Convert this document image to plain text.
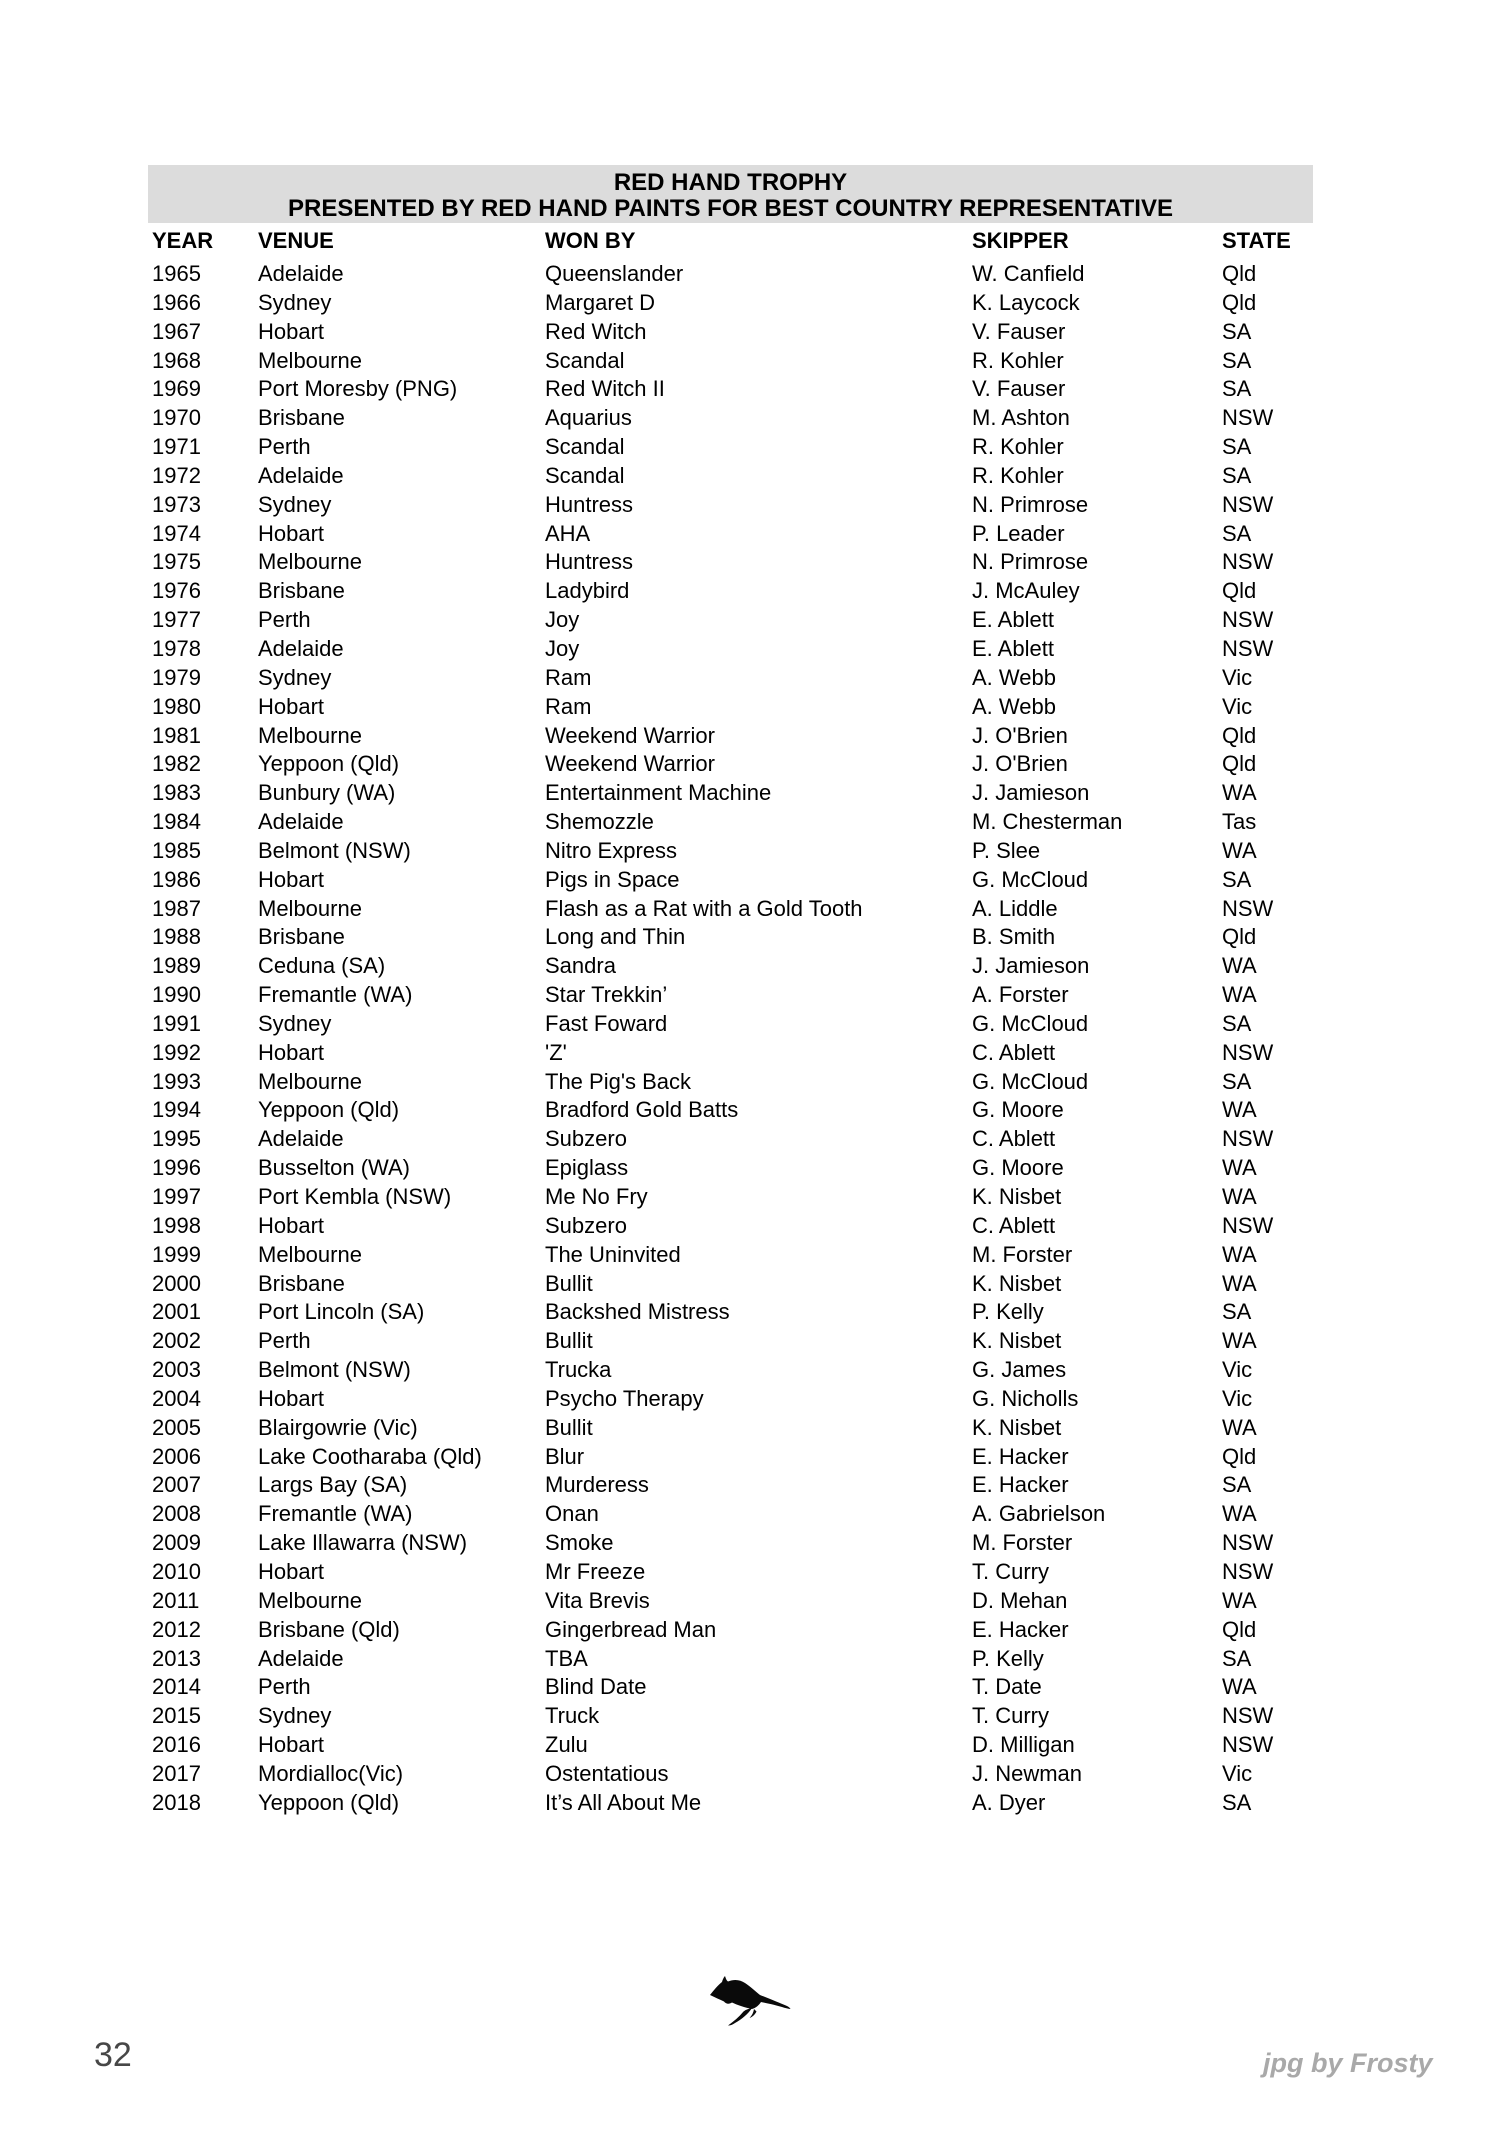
RED HAND TROPHY
PRESENTED BY RED HAND PAINTS FOR BEST COUNTRY REPRESENTATIVE
YEAR	VENUE	WON BY	SKIPPER	STATE
1965	Adelaide	Queenslander	W. Canfield	Qld
1966	Sydney	Margaret D	K. Laycock	Qld
1967	Hobart	Red Witch	V. Fauser	SA
1968	Melbourne	Scandal	R. Kohler	SA
1969	Port Moresby (PNG)	Red Witch II	V. Fauser	SA
1970	Brisbane	Aquarius	M. Ashton	NSW
1971	Perth	Scandal	R. Kohler	SA
1972	Adelaide	Scandal	R. Kohler	SA
1973	Sydney	Huntress	N. Primrose	NSW
1974	Hobart	AHA	P. Leader	SA
1975	Melbourne	Huntress	N. Primrose	NSW
1976	Brisbane	Ladybird	J. McAuley	Qld
1977	Perth	Joy	E. Ablett	NSW
1978	Adelaide	Joy	E. Ablett	NSW
1979	Sydney	Ram	A. Webb	Vic
1980	Hobart	Ram	A. Webb	Vic
1981	Melbourne	Weekend Warrior	J. O'Brien	Qld
1982	Yeppoon (Qld)	Weekend Warrior	J. O'Brien	Qld
1983	Bunbury (WA)	Entertainment Machine	J. Jamieson	WA
1984	Adelaide	Shemozzle	M. Chesterman	Tas
1985	Belmont (NSW)	Nitro Express	P. Slee	WA
1986	Hobart	Pigs in Space	G. McCloud	SA
1987	Melbourne	Flash as a Rat with a Gold Tooth	A. Liddle	NSW
1988	Brisbane	Long and Thin	B. Smith	Qld
1989	Ceduna (SA)	Sandra	J. Jamieson	WA
1990	Fremantle (WA)	Star Trekkin’	A. Forster	WA
1991	Sydney	Fast Foward	G. McCloud	SA
1992	Hobart	'Z'	C. Ablett	NSW
1993	Melbourne	The Pig's Back	G. McCloud	SA
1994	Yeppoon (Qld)	Bradford Gold Batts	G. Moore	WA
1995	Adelaide	Subzero	C. Ablett	NSW
1996	Busselton (WA)	Epiglass	G. Moore	WA
1997	Port Kembla (NSW)	Me No Fry	K. Nisbet	WA
1998	Hobart	Subzero	C. Ablett	NSW
1999	Melbourne	The Uninvited	M. Forster	WA
2000	Brisbane	Bullit	K. Nisbet	WA
2001	Port Lincoln (SA)	Backshed Mistress	P. Kelly	SA
2002	Perth	Bullit	K. Nisbet	WA
2003	Belmont (NSW)	Trucka	G. James	Vic
2004	Hobart	Psycho Therapy	G. Nicholls	Vic
2005	Blairgowrie (Vic)	Bullit	K. Nisbet	WA
2006	Lake Cootharaba (Qld)	Blur	E. Hacker	Qld
2007	Largs Bay (SA)	Murderess	E. Hacker	SA
2008	Fremantle (WA)	Onan	A. Gabrielson	WA
2009	Lake Illawarra (NSW)	Smoke	M. Forster	NSW
2010	Hobart	Mr Freeze	T. Curry	NSW
2011	Melbourne	Vita Brevis	D. Mehan	WA
2012	Brisbane (Qld)	Gingerbread Man	E. Hacker	Qld
2013	Adelaide	TBA	P. Kelly	SA
2014	Perth	Blind Date	T. Date	WA
2015	Sydney	Truck	T. Curry	NSW
2016	Hobart	Zulu	D. Milligan	NSW
2017	Mordialloc(Vic)	Ostentatious	J. Newman	Vic
2018	Yeppoon (Qld)	It’s All About Me	A. Dyer	SA
32	jpg by Frosty
